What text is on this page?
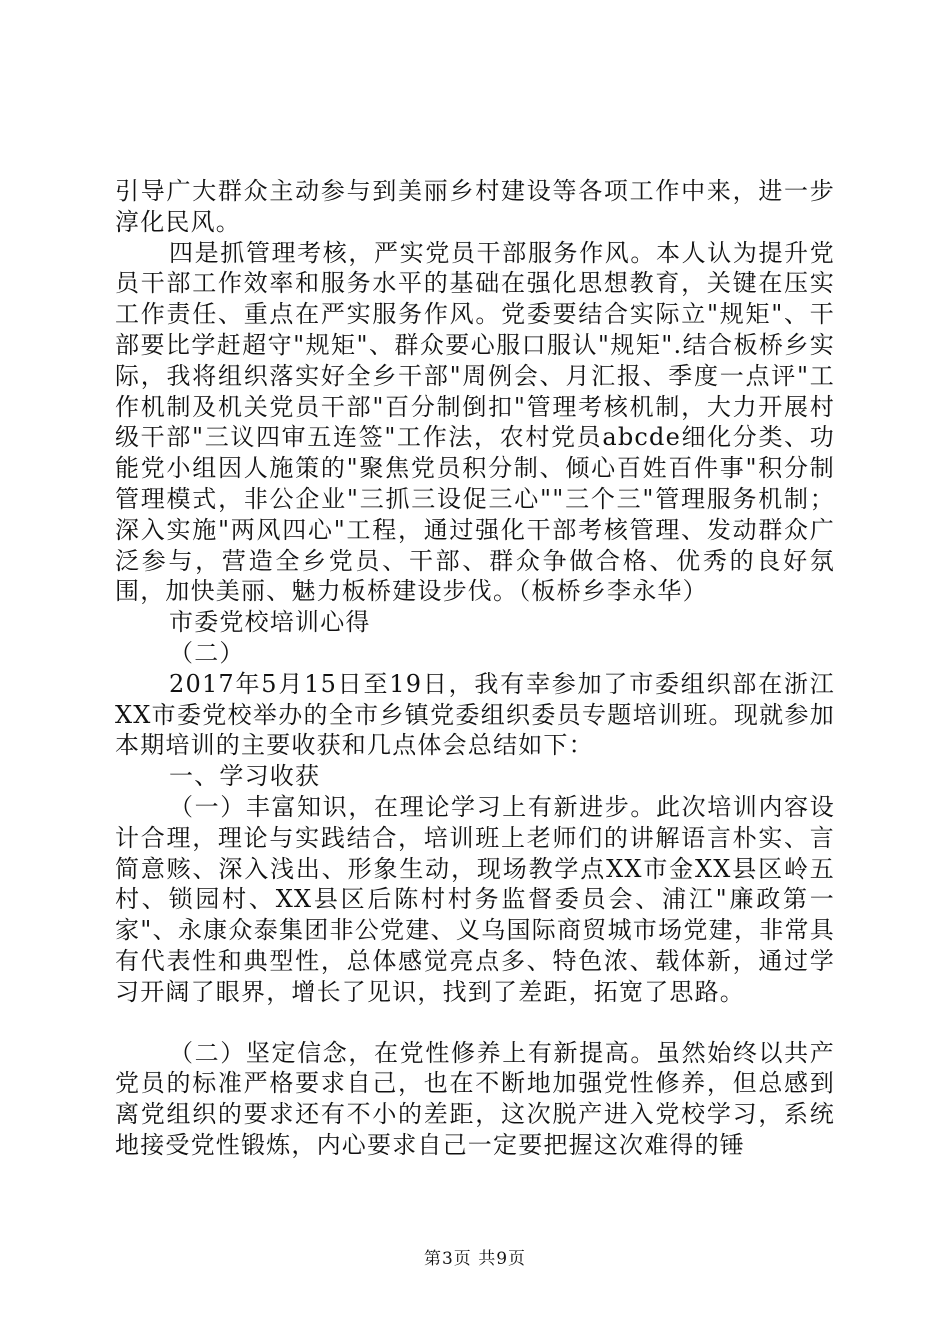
引导广大群众主动参与到美丽乡村建设等各项工作中来，进一步淳化民风。

四是抓管理考核，严实党员干部服务作风。本人认为提升党员干部工作效率和服务水平的基础在强化思想教育，关键在压实工作责任、重点在严实服务作风。党委要结合实际立"规矩"、干部要比学赶超守"规矩"、群众要心服口服认"规矩".结合板桥乡实际，我将组织落实好全乡干部"周例会、月汇报、季度一点评"工作机制及机关党员干部"百分制倒扣"管理考核机制，大力开展村级干部"三议四审五连签"工作法，农村党员abcde细化分类、功能党小组因人施策的"聚焦党员积分制、倾心百姓百件事"积分制管理模式，非公企业"三抓三设促三心""三个三"管理服务机制；深入实施"两风四心"工程，通过强化干部考核管理、发动群众广泛参与，营造全乡党员、干部、群众争做合格、优秀的良好氛围，加快美丽、魅力板桥建设步伐。（板桥乡李永华）

市委党校培训心得

（二）

2017年5月15日至19日，我有幸参加了市委组织部在浙江XX市委党校举办的全市乡镇党委组织委员专题培训班。现就参加本期培训的主要收获和几点体会总结如下：

一、学习收获

（一）丰富知识，在理论学习上有新进步。此次培训内容设计合理，理论与实践结合，培训班上老师们的讲解语言朴实、言简意赅、深入浅出、形象生动，现场教学点XX市金XX县区岭五村、锁园村、XX县区后陈村村务监督委员会、浦江"廉政第一家"、永康众泰集团非公党建、义乌国际商贸城市场党建，非常具有代表性和典型性，总体感觉亮点多、特色浓、载体新，通过学习开阔了眼界，增长了见识，找到了差距，拓宽了思路。

（二）坚定信念，在党性修养上有新提高。虽然始终以共产党员的标准严格要求自己，也在不断地加强党性修养，但总感到离党组织的要求还有不小的差距，这次脱产进入党校学习，系统地接受党性锻炼，内心要求自己一定要把握这次难得的锤

第3页 共9页
